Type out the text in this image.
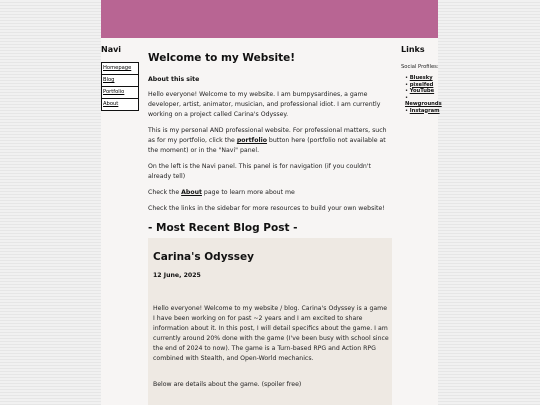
Navi
Homepage
Blog
Portfolio
About
Welcome to my Website!
About this site

Hello everyone! Welcome to my website. I am bumpysardines, a game developer, artist, animator, musician, and professional idiot. I am currently working on a project called Carina's Odyssey.

This is my personal AND professional website. For professional matters, such as for my portfolio, click the portfolio button here (portfolio not available at the moment) or in the "Navi" panel.

On the left is the Navi panel. This panel is for navigation (if you couldn't already tell)

Check the About page to learn more about me

Check the links in the sidebar for more resources to build your own website!

- Most Recent Blog Post -
Carina's Odyssey
12 June, 2025
Hello everyone! Welcome to my website / blog. Carina's Odyssey is a game I have been working on for past ~2 years and I am excited to share information about it. In this post, I will detail specifics about the game. I am currently around 20% done with the game (I've been busy with school since the end of 2024 to now). The game is a Turn-based RPG and Action RPG combined with Stealth, and Open-World mechanics.
Below are details about the game. (spoiler free)
Links
Social Profiles:
• Bluesky
• pixelfed
• YouTube
• Newgrounds
• Instagram
